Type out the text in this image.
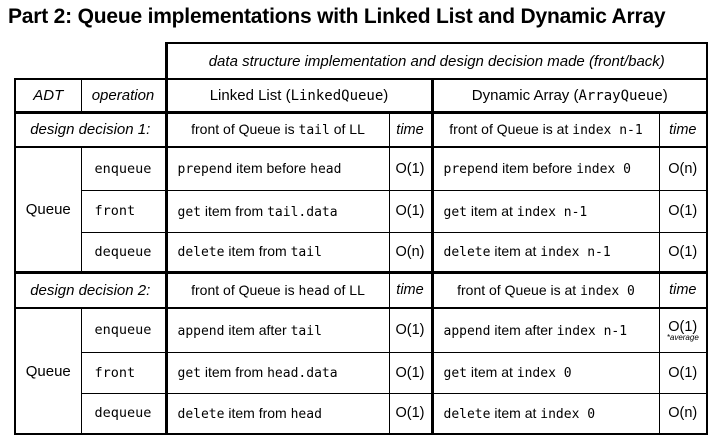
Part 2: Queue implementations with Linked List and Dynamic Array
		data structure implementation and design decision made (front/back)			
ADT	operation	Linked List (LinkedQueue)		Dynamic Array (ArrayQueue)	
design decision 1:		front of Queue is tail of LL	time	front of Queue is at index n-1	time
Queue	enqueue	prepend item before head	O(1)	prepend item before index 0	O(n)
	front	get item from tail.data	O(1)	get item at index n-1	O(1)
	dequeue	delete item from tail	O(n)	delete item at index n-1	O(1)
design decision 2:		front of Queue is head of LL	time	front of Queue is at index 0	time
Queue	enqueue	append item after tail	O(1)	append item after index n-1	O(1)
*average

	front	get item from head.data	O(1)	get item at index 0	O(1)
	dequeue	delete item from head	O(1)	delete item at index 0	O(n)
